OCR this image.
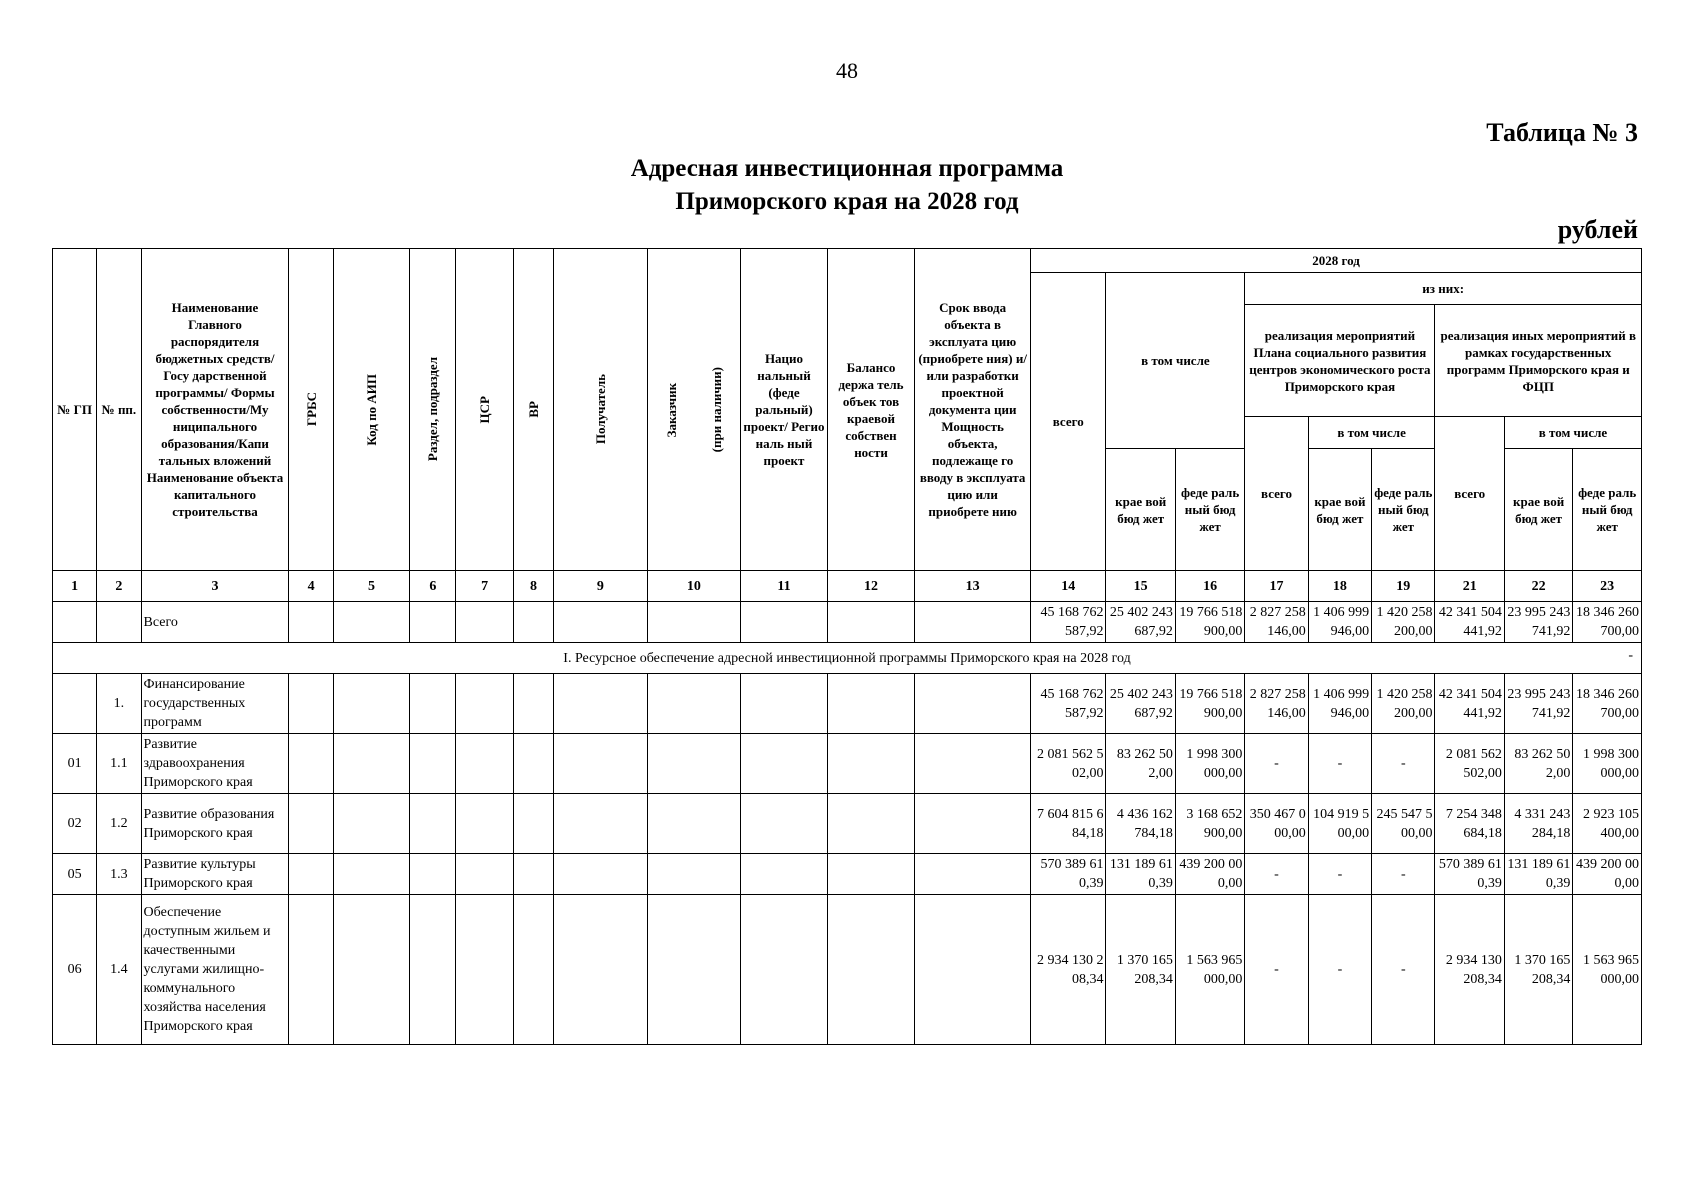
48
Таблица № 3
Адресная инвестиционная программа
Приморского края на 2028 год
рублей
№ ГП	№ пп.	Наименование Главного распорядителя бюджетных средств/Госу дарственной программы/ Формы собственности/Му ниципального образования/Капи тальных вложений Наименование объекта капитального строительства	ГРБС	Код по АИП	Раздел, подраздел	ЦСР	ВР	Получатель	Заказчик (при наличии)	Нацио нальный (феде ральный) проект/ Регио наль ный проект	Балансо держа тель объек тов краевой собствен ности	Срок ввода объекта в эксплуата цию (приобрете ния) и/или разработки проектной документа ции Мощность объекта, подлежаще го вводу в эксплуата цию или приобрете нию	2028 год								
													всего	в том числе		из них:					
																реализация мероприятий Плана социального развития центров экономического роста Приморского края			реализация иных мероприятий в рамках государственных программ Приморского края и ФЦП		
																всего	в том числе		всего	в том числе	
														крае вой бюд жет	феде раль ный бюд жет		крае вой бюд жет	феде раль ный бюд жет		крае вой бюд жет	феде раль ный бюд жет

1	2	3	4	5	6	7	8	9	10	11	12	13	14	15	16	17	18	19	21	22	23
		Всего											45 168 762 587,92	25 402 243 687,92	19 766 518 900,00	2 827 258 146,00	1 406 999 946,00	1 420 258 200,00	42 341 504 441,92	23 995 243 741,92	18 346 260 700,00
I. Ресурсное обеспечение адресной инвестиционной программы Приморского края на 2028 год -																					

	1.	Финансирование государственных программ											45 168 762 587,92	25 402 243 687,92	19 766 518 900,00	2 827 258 146,00	1 406 999 946,00	1 420 258 200,00	42 341 504 441,92	23 995 243 741,92	18 346 260 700,00
01	1.1	Развитие здравоохранения Приморского края											2 081 562 502,00	83 262 502,00	1 998 300 000,00	-	-	-	2 081 562 502,00	83 262 502,00	1 998 300 000,00
02	1.2	Развитие образования Приморского края											7 604 815 684,18	4 436 162 784,18	3 168 652 900,00	350 467 000,00	104 919 500,00	245 547 500,00	7 254 348 684,18	4 331 243 284,18	2 923 105 400,00
05	1.3	Развитие культуры Приморского края											570 389 610,39	131 189 610,39	439 200 000,00	-	-	-	570 389 610,39	131 189 610,39	439 200 000,00
06	1.4	Обеспечение доступным жильем и качественными услугами жилищно-коммунального хозяйства населения Приморского края											2 934 130 208,34	1 370 165 208,34	1 563 965 000,00	-	-	-	2 934 130 208,34	1 370 165 208,34	1 563 965 000,00
